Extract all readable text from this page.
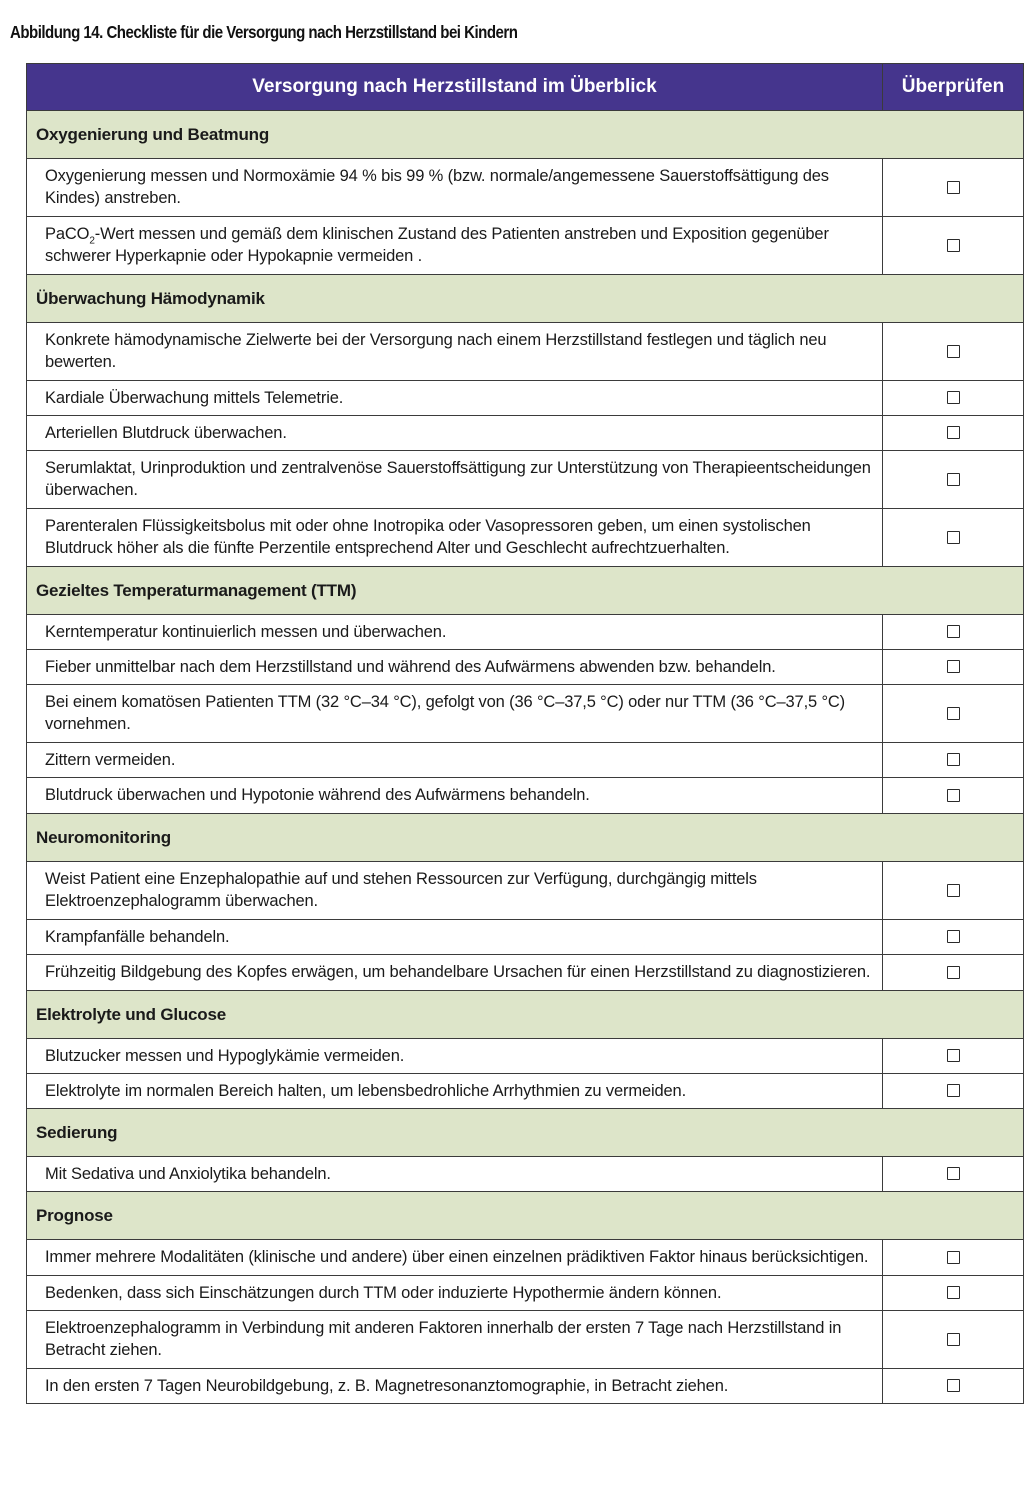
Abbildung 14. Checkliste für die Versorgung nach Herzstillstand bei Kindern
Versorgung nach Herzstillstand im Überblick	Überprüfen
Oxygenierung und Beatmung	
Oxygenierung messen und Normoxämie 94 % bis 99 % (bzw. normale/angemessene Sauerstoffsättigung des Kindes) anstreben.	
PaCO$_2$-Wert messen und gemäß dem klinischen Zustand des Patienten anstreben und Exposition gegenüber schwerer Hyperkapnie oder Hypokapnie vermeiden .	
Überwachung Hämodynamik	
Konkrete hämodynamische Zielwerte bei der Versorgung nach einem Herzstillstand festlegen und täglich neu bewerten.	
Kardiale Überwachung mittels Telemetrie.	
Arteriellen Blutdruck überwachen.	
Serumlaktat, Urinproduktion und zentralvenöse Sauerstoffsättigung zur Unterstützung von Therapieentscheidungen überwachen.	
Parenteralen Flüssigkeitsbolus mit oder ohne Inotropika oder Vasopressoren geben, um einen systolischen Blutdruck höher als die fünfte Perzentile entsprechend Alter und Geschlecht aufrechtzuerhalten.	
Gezieltes Temperaturmanagement (TTM)	
Kerntemperatur kontinuierlich messen und überwachen.	
Fieber unmittelbar nach dem Herzstillstand und während des Aufwärmens abwenden bzw. behandeln.	
Bei einem komatösen Patienten TTM (32 °C–34 °C), gefolgt von (36 °C–37,5 °C) oder nur TTM (36 °C–37,5 °C) vornehmen.	
Zittern vermeiden.	
Blutdruck überwachen und Hypotonie während des Aufwärmens behandeln.	
Neuromonitoring	
Weist Patient eine Enzephalopathie auf und stehen Ressourcen zur Verfügung, durchgängig mittels Elektroenzephalogramm überwachen.	
Krampfanfälle behandeln.	
Frühzeitig Bildgebung des Kopfes erwägen, um behandelbare Ursachen für einen Herzstillstand zu diagnostizieren.	
Elektrolyte und Glucose	
Blutzucker messen und Hypoglykämie vermeiden.	
Elektrolyte im normalen Bereich halten, um lebensbedrohliche Arrhythmien zu vermeiden.	
Sedierung	
Mit Sedativa und Anxiolytika behandeln.	
Prognose	
Immer mehrere Modalitäten (klinische und andere) über einen einzelnen prädiktiven Faktor hinaus berücksichtigen.	
Bedenken, dass sich Einschätzungen durch TTM oder induzierte Hypothermie ändern können.	
Elektroenzephalogramm in Verbindung mit anderen Faktoren innerhalb der ersten 7 Tage nach Herzstillstand in Betracht ziehen.	
In den ersten 7 Tagen Neurobildgebung, z. B. Magnetresonanztomographie, in Betracht ziehen.	
